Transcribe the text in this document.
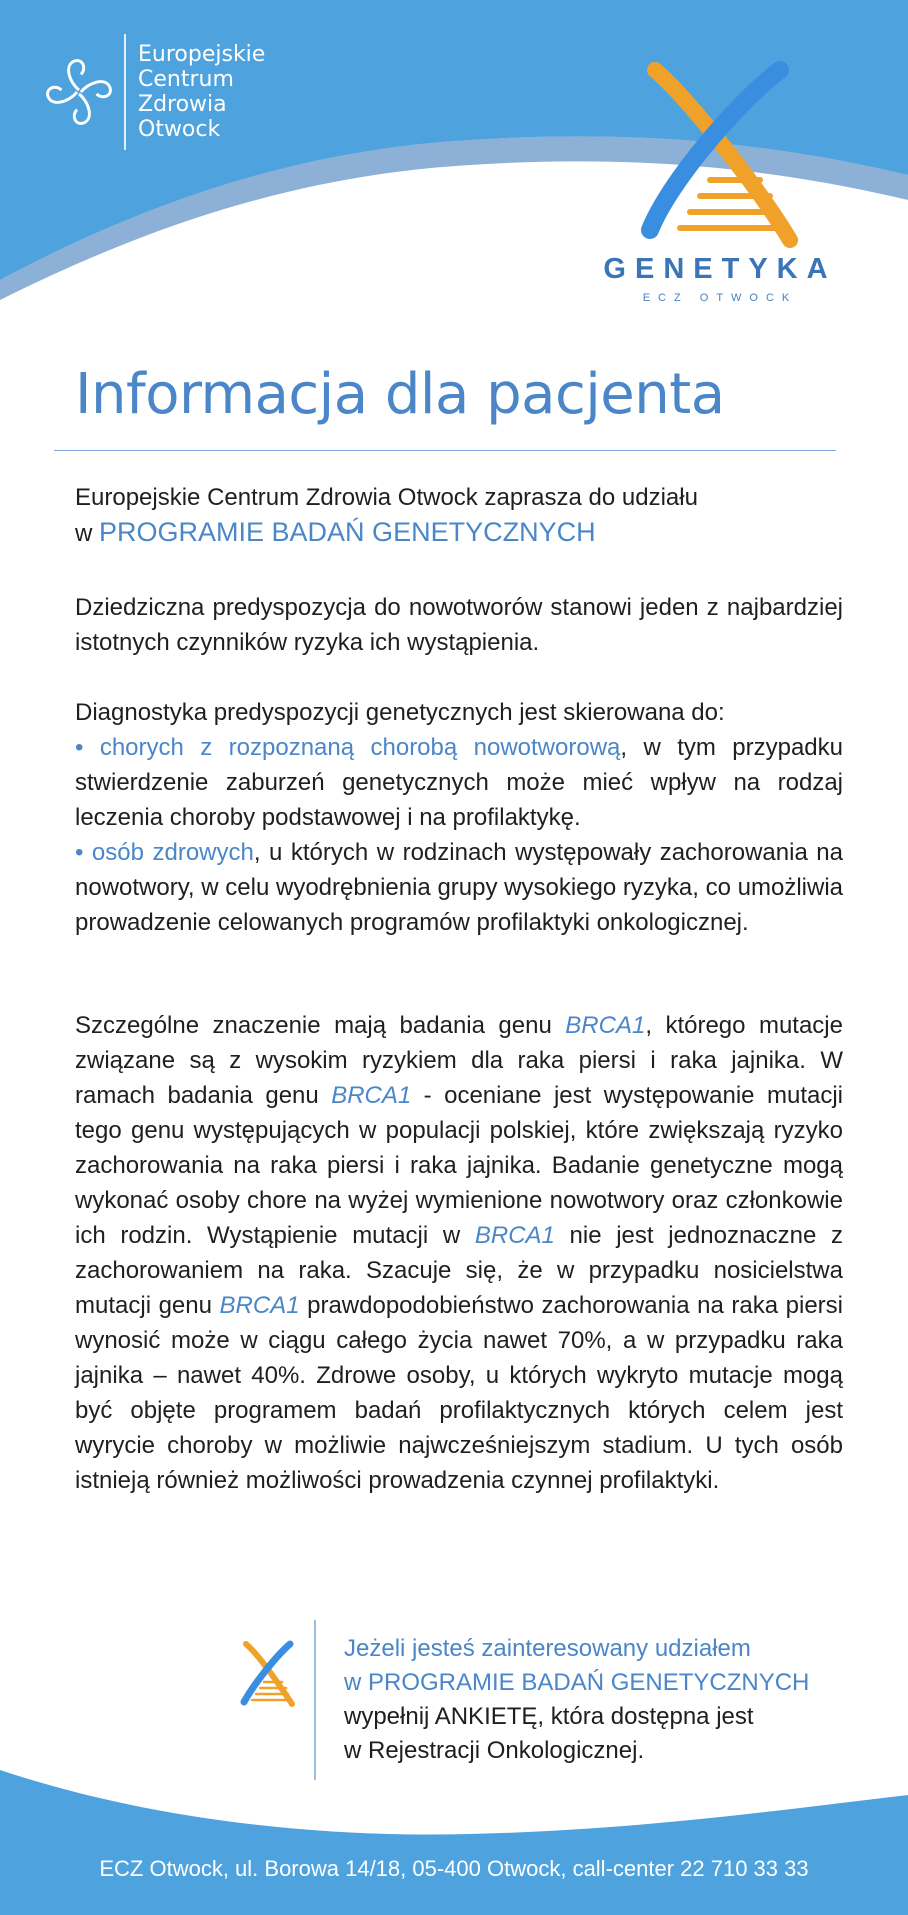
Europejskie
Centrum
Zdrowia
Otwock
GENETYKA
ECZ OTWOCK
Informacja dla pacjenta

Europejskie Centrum Zdrowia Otwock zaprasza do udziału
w PROGRAMIE BADAŃ GENETYCZNYCH

Dziedziczna predyspozycja do nowotworów stanowi jeden z najbardziej istotnych czynników ryzyka ich wystąpienia.

Diagnostyka predyspozycji genetycznych jest skierowana do:

• chorych z rozpoznaną chorobą nowotworową, w tym przypadku stwierdzenie zaburzeń genetycznych może mieć wpływ na rodzaj leczenia choroby podstawowej i na profilaktykę.

• osób zdrowych, u których w rodzinach występowały zachorowania na nowotwory, w celu wyodrębnienia grupy wysokiego ryzyka, co umożliwia prowadzenie celowanych programów profilaktyki onkologicznej.

Szczególne znaczenie mają badania genu BRCA1, którego mutacje związane są z wysokim ryzykiem dla raka piersi i raka jajnika. W ramach badania genu BRCA1 - oceniane jest występowanie mutacji tego genu występujących w populacji polskiej, które zwiększają ryzyko zachorowania na raka piersi i raka jajnika. Badanie genetyczne mogą wykonać osoby chore na wyżej wymienione nowotwory oraz członkowie ich rodzin. Wystąpienie mutacji w BRCA1 nie jest jednoznaczne z zachorowaniem na raka. Szacuje się, że w przypadku nosicielstwa mutacji genu BRCA1 prawdopodobieństwo zachorowania na raka piersi wynosić może w ciągu całego życia nawet 70%, a w przypadku raka jajnika – nawet 40%. Zdrowe osoby, u których wykryto mutacje mogą być objęte programem badań profilaktycznych których celem jest wyrycie choroby w możliwie najwcześniejszym stadium. U tych osób istnieją również możliwości prowadzenia czynnej profilaktyki.

Jeżeli jesteś zainteresowany udziałem
w PROGRAMIE BADAŃ GENETYCZNYCH
wypełnij ANKIETĘ, która dostępna jest
w Rejestracji Onkologicznej.
ECZ Otwock, ul. Borowa 14/18, 05-400 Otwock, call-center 22 710 33 33
